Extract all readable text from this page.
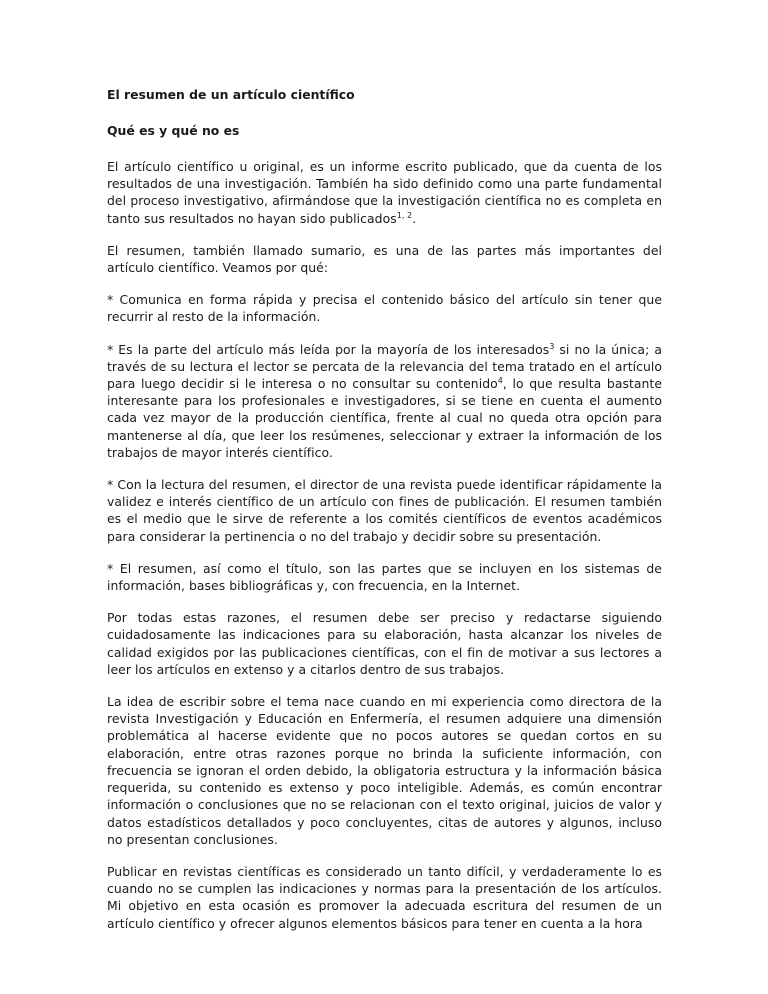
El resumen de un artículo científico
Qué es y qué no es

El artículo científico u original, es un informe escrito publicado, que da cuenta de los resultados de una investigación. También ha sido definido como una parte fundamental del proceso investigativo, afirmándose que la investigación científica no es completa en tanto sus resultados no hayan sido publicados$^{1, 2}$.

El resumen, también llamado sumario, es una de las partes más importantes del artículo científico. Veamos por qué:

* Comunica en forma rápida y precisa el contenido básico del artículo sin tener que recurrir al resto de la información.

* Es la parte del artículo más leída por la mayoría de los interesados$^3$ si no la única; a través de su lectura el lector se percata de la relevancia del tema tratado en el artículo para luego decidir si le interesa o no consultar su contenido$^4$, lo que resulta bastante interesante para los profesionales e investigadores, si se tiene en cuenta el aumento cada vez mayor de la producción científica, frente al cual no queda otra opción para mantenerse al día, que leer los resúmenes, seleccionar y extraer la información de los trabajos de mayor interés científico.

* Con la lectura del resumen, el director de una revista puede identificar rápidamente la validez e interés científico de un artículo con fines de publicación. El resumen también es el medio que le sirve de referente a los comités científicos de eventos académicos para considerar la pertinencia o no del trabajo y decidir sobre su presentación.

* El resumen, así como el título, son las partes que se incluyen en los sistemas de información, bases bibliográficas y, con frecuencia, en la Internet.

Por todas estas razones, el resumen debe ser preciso y redactarse siguiendo cuidadosamente las indicaciones para su elaboración, hasta alcanzar los niveles de calidad exigidos por las publicaciones científicas, con el fin de motivar a sus lectores a leer los artículos en extenso y a citarlos dentro de sus trabajos.

La idea de escribir sobre el tema nace cuando en mi experiencia como directora de la revista Investigación y Educación en Enfermería, el resumen adquiere una dimensión problemática al hacerse evidente que no pocos autores se quedan cortos en su elaboración, entre otras razones porque no brinda la suficiente información, con frecuencia se ignoran el orden debido, la obligatoria estructura y la información básica requerida, su contenido es extenso y poco inteligible. Además, es común encontrar información o conclusiones que no se relacionan con el texto original, juicios de valor y datos estadísticos detallados y poco concluyentes, citas de autores y algunos, incluso no presentan conclusiones.

Publicar en revistas científicas es considerado un tanto difícil, y verdaderamente lo es cuando no se cumplen las indicaciones y normas para la presentación de los artículos. Mi objetivo en esta ocasión es promover la adecuada escritura del resumen de un artículo científico y ofrecer algunos elementos básicos para tener en cuenta a la hora
